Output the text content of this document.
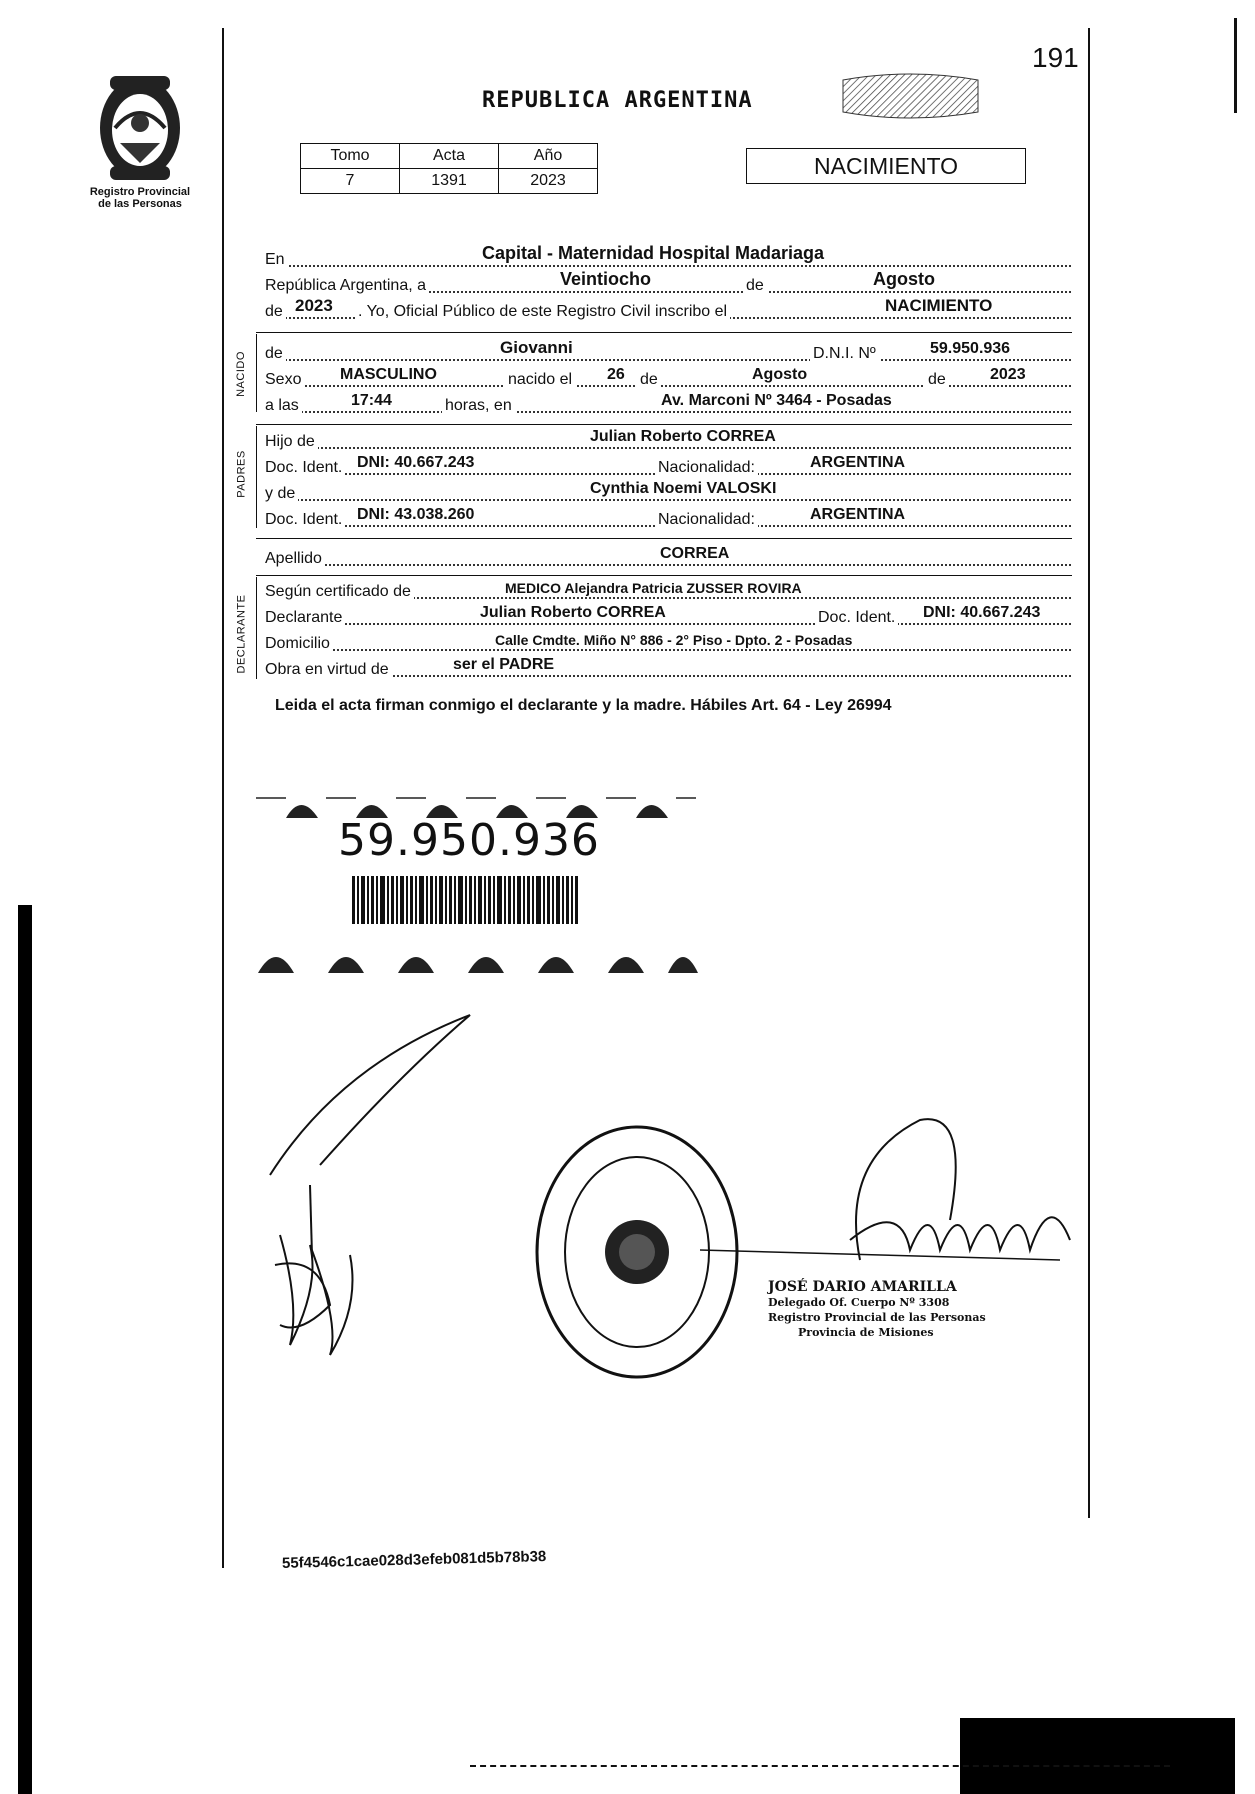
Registro Provincial
de las Personas
191
REPUBLICA ARGENTINA
Tomo	Acta	Año
7	1391	2023
NACIMIENTO
En	Capital - Maternidad Hospital Madariaga
República Argentina, a	Veintiocho	de	Agosto
de 2023 . Yo, Oficial Público de este Registro Civil inscribo el	NACIMIENTO
NACIDO de	Giovanni	D.N.I. Nº	59.950.936
Sexo MASCULINO	nacido el 26 de	Agosto	de	2023
a las	17:44	horas, en	Av. Marconi Nº 3464 - Posadas
PADRES
Hijo de	Julian Roberto CORREA
Doc. Ident. DNI: 40.667.243	Nacionalidad:	ARGENTINA
y de	Cynthia Noemi VALOSKI
Doc. Ident. DNI: 43.038.260	Nacionalidad:	ARGENTINA
Apellido	CORREA
DECLARANTE
Según certificado de	MEDICO Alejandra Patricia ZUSSER ROVIRA
Declarante	Julian Roberto CORREA	Doc. Ident. DNI: 40.667.243
Domicilio	Calle Cmdte. Miño N° 886 - 2° Piso - Dpto. 2 - Posadas
Obra en virtud de	ser el PADRE
Leida el acta firman conmigo el declarante y la madre. Hábiles Art. 64 - Ley 26994
59.950.936
JOSÉ DARIO AMARILLA
Delegado Of. Cuerpo Nº 3308
Registro Provincial de las Personas
Provincia de Misiones
55f4546c1cae028d3efeb081d5b78b38
